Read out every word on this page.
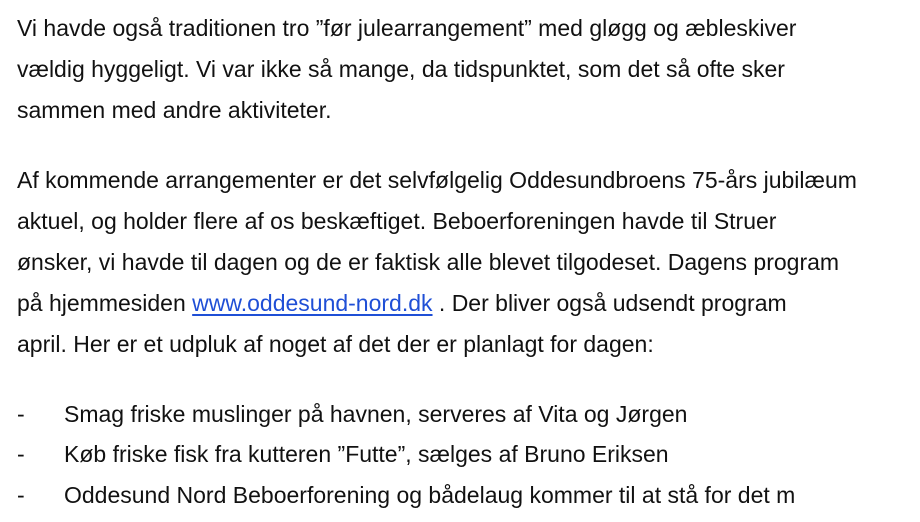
Vi havde også traditionen tro ”før julearrangement” med gløgg og æbleskiver
vældig hyggeligt. Vi var ikke så mange, da tidspunktet, som det så ofte sker
sammen med andre aktiviteter.
Af kommende arrangementer er det selvfølgelig Oddesundbroens 75-års jubilæum
aktuel, og holder flere af os beskæftiget. Beboerforeningen havde til Struer
ønsker, vi havde til dagen og de er faktisk alle blevet tilgodeset. Dagens program
på hjemmesiden www.oddesund-nord.dk . Der bliver også udsendt program
april. Her er et udpluk af noget af det der er planlagt for dagen:
- Smag friske muslinger på havnen, serveres af Vita og Jørgen
- Køb friske fisk fra kutteren ”Futte”, sælges af Bruno Eriksen
- Oddesund Nord Beboerforening og bådelaug kommer til at stå for det m
